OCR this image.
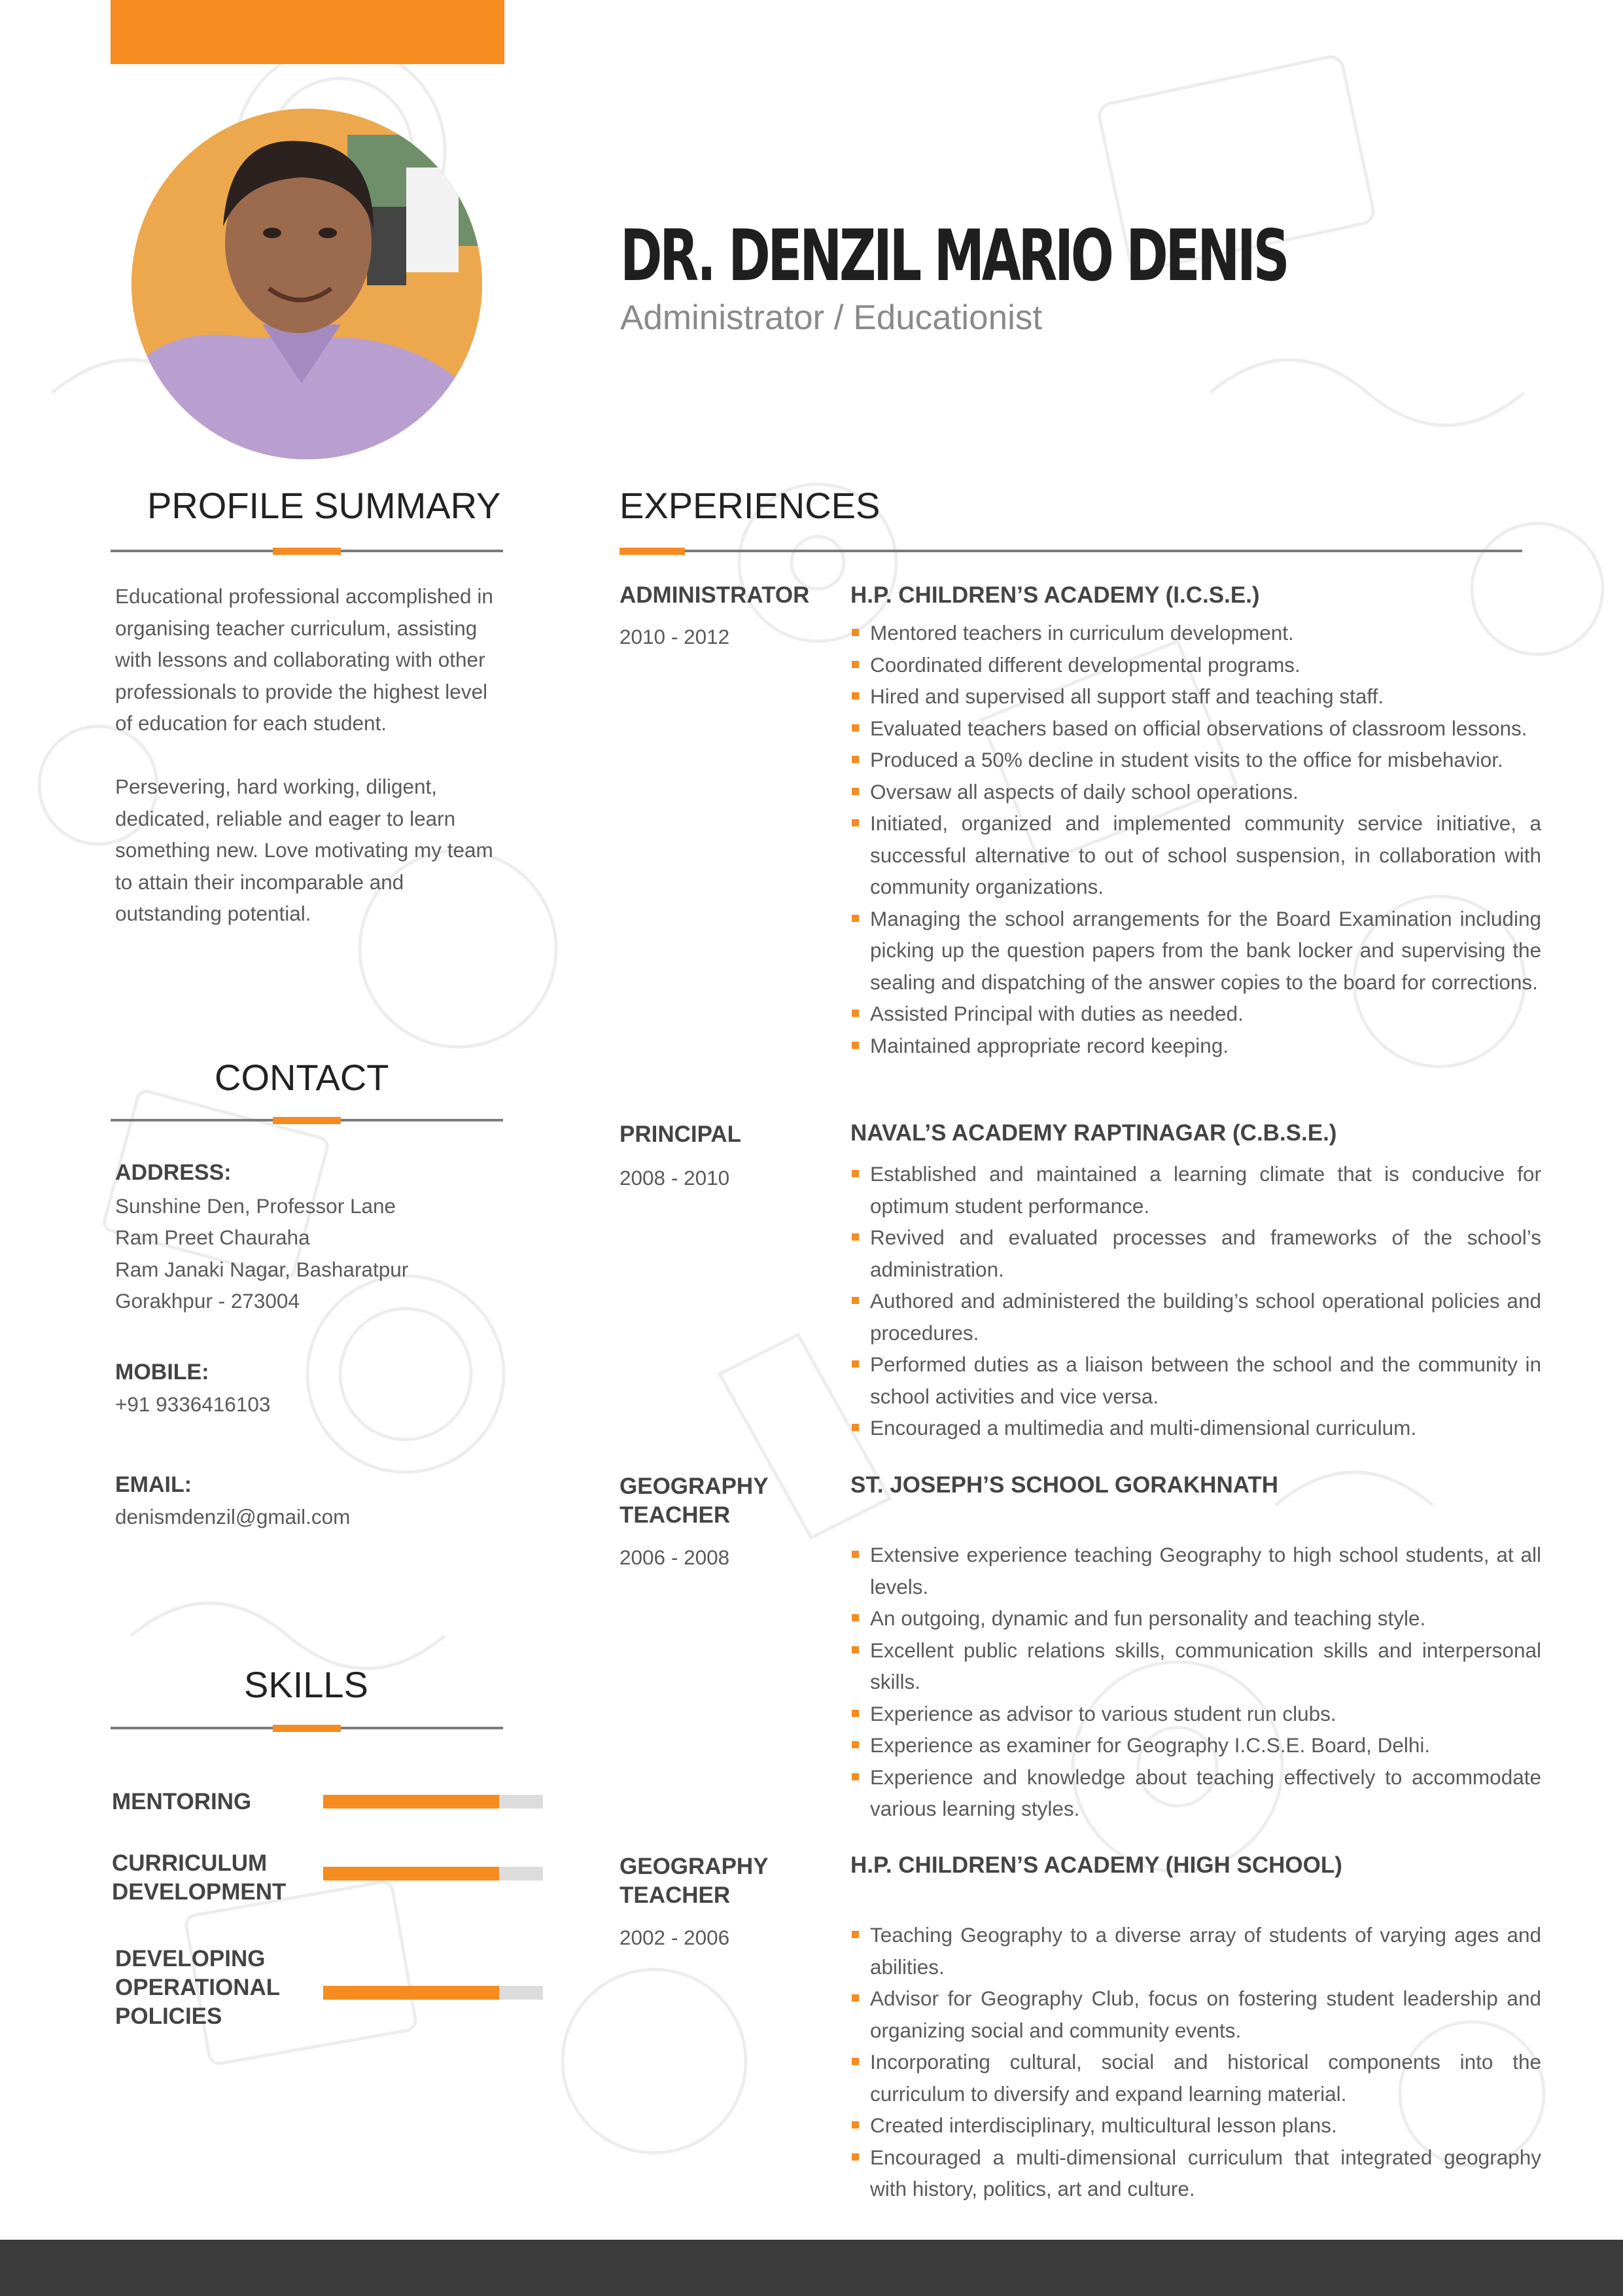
DR. DENZIL MARIO DENIS
Administrator / Educationist
PROFILE SUMMARY
Educational professional accomplished in organising teacher curriculum, assisting with lessons and collaborating with other professionals to provide the highest level of education for each student.
Persevering, hard working, diligent, dedicated, reliable and eager to learn something new. Love motivating my team to attain their incomparable and outstanding potential.
CONTACT
ADDRESS:
Sunshine Den, Professor Lane
Ram Preet Chauraha
Ram Janaki Nagar, Basharatpur
Gorakhpur - 273004
MOBILE:
+91 9336416103
EMAIL:
denismdenzil@gmail.com
SKILLS
MENTORING
CURRICULUM
DEVELOPMENT
DEVELOPING
OPERATIONAL
POLICIES
EXPERIENCES
ADMINISTRATOR
2010 - 2012
H.P. CHILDREN’S ACADEMY (I.C.S.E.)
Mentored teachers in curriculum development.
Coordinated different developmental programs.
Hired and supervised all support staff and teaching staff.
Evaluated teachers based on official observations of classroom lessons.
Produced a 50% decline in student visits to the office for misbehavior.
Oversaw all aspects of daily school operations.
Initiated, organized and implemented community service initiative, a successful alternative to out of school suspension, in collaboration with community organizations.
Managing the school arrangements for the Board Examination including picking up the question papers from the bank locker and supervising the sealing and dispatching of the answer copies to the board for corrections.
Assisted Principal with duties as needed.
Maintained appropriate record keeping.
PRINCIPAL
2008 - 2010
NAVAL’S ACADEMY RAPTINAGAR (C.B.S.E.)
Established and maintained a learning climate that is conducive for optimum student performance.
Revived and evaluated processes and frameworks of the school’s administration.
Authored and administered the building’s school operational policies and procedures.
Performed duties as a liaison between the school and the community in school activities and vice versa.
Encouraged a multimedia and multi-dimensional curriculum.
GEOGRAPHY
TEACHER
2006 - 2008
ST. JOSEPH’S SCHOOL GORAKHNATH
Extensive experience teaching Geography to high school students, at all levels.
An outgoing, dynamic and fun personality and teaching style.
Excellent public relations skills, communication skills and interpersonal skills.
Experience as advisor to various student run clubs.
Experience as examiner for Geography I.C.S.E. Board, Delhi.
Experience and knowledge about teaching effectively to accommodate various learning styles.
GEOGRAPHY
TEACHER
2002 - 2006
H.P. CHILDREN’S ACADEMY (HIGH SCHOOL)
Teaching Geography to a diverse array of students of varying ages and abilities.
Advisor for Geography Club, focus on fostering student leadership and organizing social and community events.
Incorporating cultural, social and historical components into the curriculum to diversify and expand learning material.
Created interdisciplinary, multicultural lesson plans.
Encouraged a multi-dimensional curriculum that integrated geography with history, politics, art and culture.
